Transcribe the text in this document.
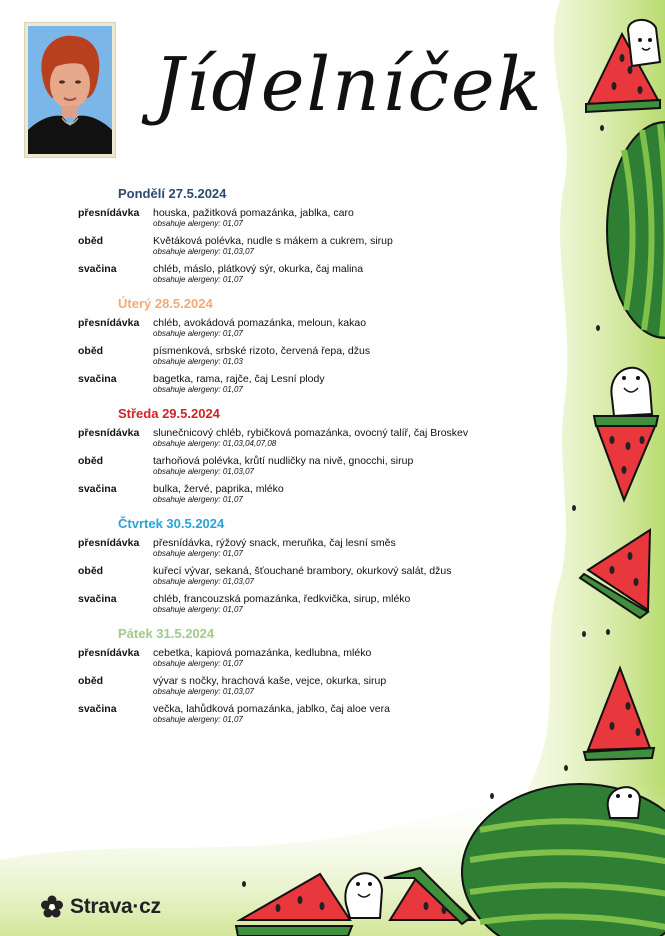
Jídelníček
Pondělí 27.5.2024
přesnídávka houska, pažitková pomazánka, jablka, caro
obsahuje alergeny: 01,07
oběd	Květáková polévka, nudle s mákem a cukrem, sirup
obsahuje alergeny: 01,03,07
svačina	chléb, máslo, plátkový sýr, okurka, čaj malina
obsahuje alergeny: 01,07
Úterý 28.5.2024
přesnídávka chléb, avokádová pomazánka, meloun, kakao
obsahuje alergeny: 01,07
oběd	písmenková, srbské rizoto, červená řepa, džus
obsahuje alergeny: 01,03
svačina	bagetka, rama, rajče, čaj Lesní plody
obsahuje alergeny: 01,07
Středa 29.5.2024
přesnídávka slunečnicový chléb, rybičková pomazánka, ovocný talíř, čaj Broskev
obsahuje alergeny: 01,03,04,07,08
oběd	tarhoňová polévka, krůtí nudličky na nivě, gnocchi, sirup
obsahuje alergeny: 01,03,07
svačina	bulka, žervé, paprika, mléko
obsahuje alergeny: 01,07
Čtvrtek 30.5.2024
přesnídávka přesnídávka, rýžový snack, meruňka, čaj lesní směs
obsahuje alergeny: 01,07
oběd	kuřecí vývar, sekaná, šťouchané brambory, okurkový salát, džus
obsahuje alergeny: 01,03,07
svačina	chléb, francouzská pomazánka, ředkvička, sirup, mléko
obsahuje alergeny: 01,07
Pátek 31.5.2024
přesnídávka cebetka, kapiová pomazánka, kedlubna, mléko
obsahuje alergeny: 01,07
oběd	vývar s nočky, hrachová kaše, vejce, okurka, sirup
obsahuje alergeny: 01,03,07
svačina	večka, lahůdková pomazánka, jablko, čaj aloe vera
obsahuje alergeny: 01,07
Strava·cz
